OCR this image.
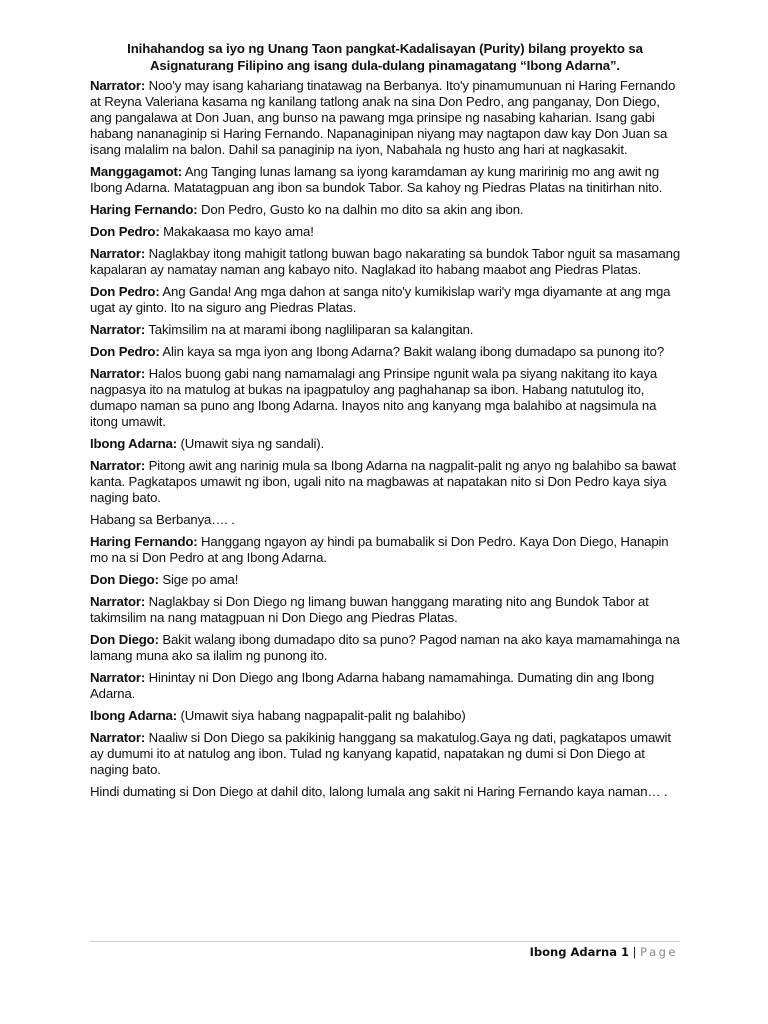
Inihahandog sa iyo ng Unang Taon pangkat-Kadalisayan (Purity) bilang proyekto sa
Asignaturang Filipino ang isang dula-dulang pinamagatang “Ibong Adarna”.

Narrator: Noo'y may isang kahariang tinatawag na Berbanya. Ito'y pinamumunuan ni Haring Fernando at Reyna Valeriana kasama ng kanilang tatlong anak na sina Don Pedro, ang panganay, Don Diego, ang pangalawa at Don Juan, ang bunso na pawang mga prinsipe ng nasabing kaharian. Isang gabi habang nananaginip si Haring Fernando. Napanaginipan niyang may nagtapon daw kay Don Juan sa isang malalim na balon. Dahil sa panaginip na iyon, Nabahala ng husto ang hari at nagkasakit.

Manggagamot: Ang Tanging lunas lamang sa iyong karamdaman ay kung maririnig mo ang awit ng Ibong Adarna. Matatagpuan ang ibon sa bundok Tabor. Sa kahoy ng Piedras Platas na tinitirhan nito.

Haring Fernando: Don Pedro, Gusto ko na dalhin mo dito sa akin ang ibon.

Don Pedro: Makakaasa mo kayo ama!

Narrator: Naglakbay itong mahigit tatlong buwan bago nakarating sa bundok Tabor nguit sa masamang kapalaran ay namatay naman ang kabayo nito. Naglakad ito habang maabot ang Piedras Platas.

Don Pedro: Ang Ganda! Ang mga dahon at sanga nito'y kumikislap wari'y mga diyamante at ang mga ugat ay ginto. Ito na siguro ang Piedras Platas.

Narrator: Takimsilim na at marami ibong nagliliparan sa kalangitan.

Don Pedro: Alin kaya sa mga iyon ang Ibong Adarna? Bakit walang ibong dumadapo sa punong ito?

Narrator: Halos buong gabi nang namamalagi ang Prinsipe ngunit wala pa siyang nakitang ito kaya nagpasya ito na matulog at bukas na ipagpatuloy ang paghahanap sa ibon. Habang natutulog ito, dumapo naman sa puno ang Ibong Adarna. Inayos nito ang kanyang mga balahibo at nagsimula na itong umawit.

Ibong Adarna: (Umawit siya ng sandali).

Narrator: Pitong awit ang narinig mula sa Ibong Adarna na nagpalit-palit ng anyo ng balahibo sa bawat kanta. Pagkatapos umawit ng ibon, ugali nito na magbawas at napatakan nito si Don Pedro kaya siya naging bato.

Habang sa Berbanya…. .

Haring Fernando: Hanggang ngayon ay hindi pa bumabalik si Don Pedro. Kaya Don Diego, Hanapin mo na si Don Pedro at ang Ibong Adarna.

Don Diego: Sige po ama!

Narrator: Naglakbay si Don Diego ng limang buwan hanggang marating nito ang Bundok Tabor at takimsilim na nang matagpuan ni Don Diego ang Piedras Platas.

Don Diego: Bakit walang ibong dumadapo dito sa puno? Pagod naman na ako kaya mamamahinga na lamang muna ako sa ilalim ng punong ito.

Narrator: Hinintay ni Don Diego ang Ibong Adarna habang namamahinga. Dumating din ang Ibong Adarna.

Ibong Adarna: (Umawit siya habang nagpapalit-palit ng balahibo)

Narrator: Naaliw si Don Diego sa pakikinig hanggang sa makatulog.Gaya ng dati, pagkatapos umawit ay dumumi ito at natulog ang ibon. Tulad ng kanyang kapatid, napatakan ng dumi si Don Diego at naging bato.

Hindi dumating si Don Diego at dahil dito, lalong lumala ang sakit ni Haring Fernando kaya naman… .

Ibong Adarna 1 | Page
